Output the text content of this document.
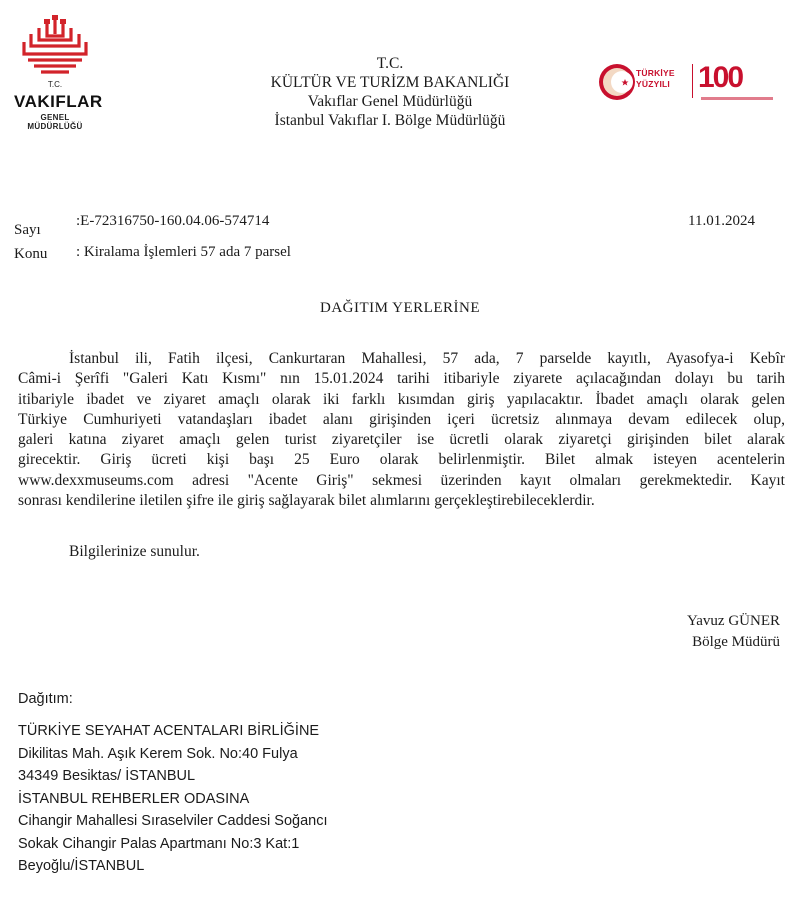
T.C.
VAKIFLAR
GENEL MÜDÜRLÜĞÜ
T.C.
KÜLTÜR VE TURİZM BAKANLIĞI
Vakıflar Genel Müdürlüğü
İstanbul Vakıflar I. Bölge Müdürlüğü
TÜRKİYE
YÜZYILI 100
Sayı
:E-72316750-160.04.06-574714	11.01.2024
Konu : Kiralama İşlemleri 57 ada 7 parsel
DAĞITIM YERLERİNE
İstanbul ili, Fatih ilçesi, Cankurtaran Mahallesi, 57 ada, 7 parselde kayıtlı, Ayasofya-i Kebîr
Câmi-i Şerîfi "Galeri Katı Kısmı" nın 15.01.2024 tarihi itibariyle ziyarete açılacağından dolayı bu tarih
itibariyle ibadet ve ziyaret amaçlı olarak iki farklı kısımdan giriş yapılacaktır. İbadet amaçlı olarak gelen
Türkiye Cumhuriyeti vatandaşları ibadet alanı girişinden içeri ücretsiz alınmaya devam edilecek olup,
galeri katına ziyaret amaçlı gelen turist ziyaretçiler ise ücretli olarak ziyaretçi girişinden bilet alarak
girecektir. Giriş ücreti kişi başı 25 Euro olarak belirlenmiştir. Bilet almak isteyen acentelerin
www.dexxmuseums.com adresi "Acente Giriş" sekmesi üzerinden kayıt olmaları gerekmektedir. Kayıt
sonrası kendilerine iletilen şifre ile giriş sağlayarak bilet alımlarını gerçekleştirebileceklerdir.
Bilgilerinize sunulur.
Yavuz GÜNER
Bölge Müdürü
Dağıtım:
TÜRKİYE SEYAHAT ACENTALARI BİRLİĞİNE
Dikilitas Mah. Aşık Kerem Sok. No:40 Fulya
34349 Besiktas/ İSTANBUL
İSTANBUL REHBERLER ODASINA
Cihangir Mahallesi Sıraselviler Caddesi Soğancı
Sokak Cihangir Palas Apartmanı No:3 Kat:1
Beyoğlu/İSTANBUL
